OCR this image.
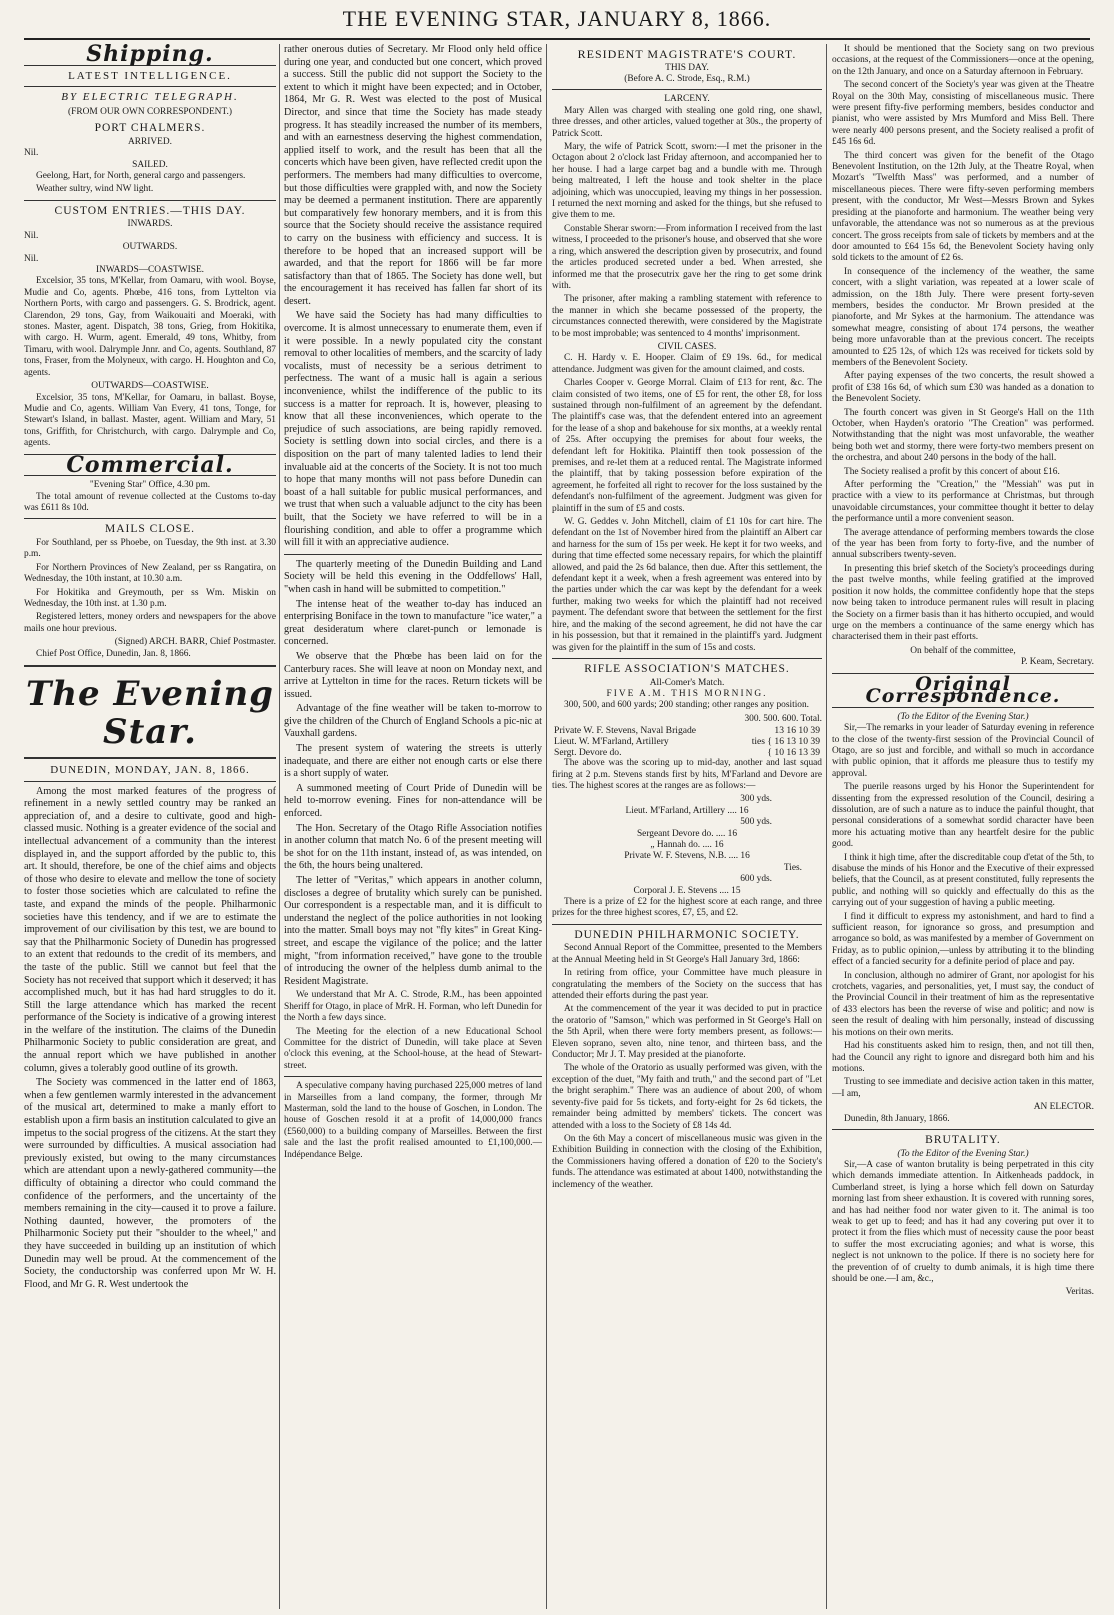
THE EVENING STAR, JANUARY 8, 1866.
Shipping.
LATEST INTELLIGENCE.
BY ELECTRIC TELEGRAPH.
(FROM OUR OWN CORRESPONDENT.)
PORT CHALMERS.
ARRIVED.
Nil.
SAILED.

Geelong, Hart, for North, general cargo and passengers.

Weather sultry, wind NW light.

CUSTOM ENTRIES.—THIS DAY.
INWARDS.
Nil.
OUTWARDS.
Nil.
INWARDS—COASTWISE.

Excelsior, 35 tons, M'Kellar, from Oamaru, with wool. Boyse, Mudie and Co, agents. Phœbe, 416 tons, from Lyttelton via Northern Ports, with cargo and passengers. G. S. Brodrick, agent. Clarendon, 29 tons, Gay, from Waikouaiti and Moeraki, with stones. Master, agent. Dispatch, 38 tons, Grieg, from Hokitika, with cargo. H. Wurm, agent. Emerald, 49 tons, Whitby, from Timaru, with wool. Dalrymple Jnnr. and Co, agents. Southland, 87 tons, Fraser, from the Molyneux, with cargo. H. Houghton and Co, agents.

OUTWARDS—COASTWISE.

Excelsior, 35 tons, M'Kellar, for Oamaru, in ballast. Boyse, Mudie and Co, agents. William Van Every, 41 tons, Tonge, for Stewart's Island, in ballast. Master, agent. William and Mary, 51 tons, Griffith, for Christchurch, with cargo. Dalrymple and Co, agents.

Commercial.
"Evening Star" Office, 4.30 pm.

The total amount of revenue collected at the Customs to-day was £611 8s 10d.

MAILS CLOSE.

For Southland, per ss Phoebe, on Tuesday, the 9th inst. at 3.30 p.m.

For Northern Provinces of New Zealand, per ss Rangatira, on Wednesday, the 10th instant, at 10.30 a.m.

For Hokitika and Greymouth, per ss Wm. Miskin on Wednesday, the 10th inst. at 1.30 p.m.

Registered letters, money orders and newspapers for the above mails one hour previous.

(Signed) ARCH. BARR, Chief Postmaster.

Chief Post Office, Dunedin, Jan. 8, 1866.

The Evening Star.
DUNEDIN, MONDAY, JAN. 8, 1866.

Among the most marked features of the progress of refinement in a newly settled country may be ranked an appreciation of, and a desire to cultivate, good and high-classed music. Nothing is a greater evidence of the social and intellectual advancement of a community than the interest displayed in, and the support afforded by the public to, this art. It should, therefore, be one of the chief aims and objects of those who desire to elevate and mellow the tone of society to foster those societies which are calculated to refine the taste, and expand the minds of the people. Philharmonic societies have this tendency, and if we are to estimate the improvement of our civilisation by this test, we are bound to say that the Philharmonic Society of Dunedin has progressed to an extent that redounds to the credit of its members, and the taste of the public. Still we cannot but feel that the Society has not received that support which it deserved; it has accomplished much, but it has had hard struggles to do it. Still the large attendance which has marked the recent performance of the Society is indicative of a growing interest in the welfare of the institution. The claims of the Dunedin Philharmonic Society to public consideration are great, and the annual report which we have published in another column, gives a tolerably good outline of its growth.

The Society was commenced in the latter end of 1863, when a few gentlemen warmly interested in the advancement of the musical art, determined to make a manly effort to establish upon a firm basis an institution calculated to give an impetus to the social progress of the citizens. At the start they were surrounded by difficulties. A musical association had previously existed, but owing to the many circumstances which are attendant upon a newly-gathered community—the difficulty of obtaining a director who could command the confidence of the performers, and the uncertainty of the members remaining in the city—caused it to prove a failure. Nothing daunted, however, the promoters of the Philharmonic Society put their "shoulder to the wheel," and they have succeeded in building up an institution of which Dunedin may well be proud. At the commencement of the Society, the conductorship was conferred upon Mr W. H. Flood, and Mr G. R. West undertook the

rather onerous duties of Secretary. Mr Flood only held office during one year, and conducted but one concert, which proved a success. Still the public did not support the Society to the extent to which it might have been expected; and in October, 1864, Mr G. R. West was elected to the post of Musical Director, and since that time the Society has made steady progress. It has steadily increased the number of its members, and with an earnestness deserving the highest commendation, applied itself to work, and the result has been that all the concerts which have been given, have reflected credit upon the performers. The members had many difficulties to overcome, but those difficulties were grappled with, and now the Society may be deemed a permanent institution. There are apparently but comparatively few honorary members, and it is from this source that the Society should receive the assistance required to carry on the business with efficiency and success. It is therefore to be hoped that an increased support will be awarded, and that the report for 1866 will be far more satisfactory than that of 1865. The Society has done well, but the encouragement it has received has fallen far short of its desert.

We have said the Society has had many difficulties to overcome. It is almost unnecessary to enumerate them, even if it were possible. In a newly populated city the constant removal to other localities of members, and the scarcity of lady vocalists, must of necessity be a serious detriment to perfectness. The want of a music hall is again a serious inconvenience, whilst the indifference of the public to its success is a matter for reproach. It is, however, pleasing to know that all these inconveniences, which operate to the prejudice of such associations, are being rapidly removed. Society is settling down into social circles, and there is a disposition on the part of many talented ladies to lend their invaluable aid at the concerts of the Society. It is not too much to hope that many months will not pass before Dunedin can boast of a hall suitable for public musical performances, and we trust that when such a valuable adjunct to the city has been built, that the Society we have referred to will be in a flourishing condition, and able to offer a programme which will fill it with an appreciative audience.

The quarterly meeting of the Dunedin Building and Land Society will be held this evening in the Oddfellows' Hall, "when cash in hand will be submitted to competition."

The intense heat of the weather to-day has induced an enterprising Boniface in the town to manufacture "ice water," a great desideratum where claret-punch or lemonade is concerned.

We observe that the Phœbe has been laid on for the Canterbury races. She will leave at noon on Monday next, and arrive at Lyttelton in time for the races. Return tickets will be issued.

Advantage of the fine weather will be taken to-morrow to give the children of the Church of England Schools a pic-nic at Vauxhall gardens.

The present system of watering the streets is utterly inadequate, and there are either not enough carts or else there is a short supply of water.

A summoned meeting of Court Pride of Dunedin will be held to-morrow evening. Fines for non-attendance will be enforced.

The Hon. Secretary of the Otago Rifle Association notifies in another column that match No. 6 of the present meeting will be shot for on the 11th instant, instead of, as was intended, on the 6th, the hours being unaltered.

The letter of "Veritas," which appears in another column, discloses a degree of brutality which surely can be punished. Our correspondent is a respectable man, and it is difficult to understand the neglect of the police authorities in not looking into the matter. Small boys may not "fly kites" in Great King-street, and escape the vigilance of the police; and the latter might, "from information received," have gone to the trouble of introducing the owner of the helpless dumb animal to the Resident Magistrate.

We understand that Mr A. C. Strode, R.M., has been appointed Sheriff for Otago, in place of MrR. H. Forman, who left Dunedin for the North a few days since.

The Meeting for the election of a new Educational School Committee for the district of Dunedin, will take place at Seven o'clock this evening, at the School-house, at the head of Stewart-street.

A speculative company having purchased 225,000 metres of land in Marseilles from a land company, the former, through Mr Masterman, sold the land to the house of Goschen, in London. The house of Goschen resold it at a profit of 14,000,000 francs (£560,000) to a building company of Marseilles. Between the first sale and the last the profit realised amounted to £1,100,000.—Indépendance Belge.

RESIDENT MAGISTRATE'S COURT.
THIS DAY.
(Before A. C. Strode, Esq., R.M.)
LARCENY.

Mary Allen was charged with stealing one gold ring, one shawl, three dresses, and other articles, valued together at 30s., the property of Patrick Scott.

Mary, the wife of Patrick Scott, sworn:—I met the prisoner in the Octagon about 2 o'clock last Friday afternoon, and accompanied her to her house. I had a large carpet bag and a bundle with me. Through being maltreated, I left the house and took shelter in the place adjoining, which was unoccupied, leaving my things in her possession. I returned the next morning and asked for the things, but she refused to give them to me.

Constable Sherar sworn:—From information I received from the last witness, I proceeded to the prisoner's house, and observed that she wore a ring, which answered the description given by prosecutrix, and found the articles produced secreted under a bed. When arrested, she informed me that the prosecutrix gave her the ring to get some drink with.

The prisoner, after making a rambling statement with reference to the manner in which she became possessed of the property, the circumstances connected therewith, were considered by the Magistrate to be most improbable; was sentenced to 4 months' imprisonment.

CIVIL CASES.

C. H. Hardy v. E. Hooper. Claim of £9 19s. 6d., for medical attendance. Judgment was given for the amount claimed, and costs.

Charles Cooper v. George Morral. Claim of £13 for rent, &c. The claim consisted of two items, one of £5 for rent, the other £8, for loss sustained through non-fulfilment of an agreement by the defendant. The plaintiff's case was, that the defendent entered into an agreement for the lease of a shop and bakehouse for six months, at a weekly rental of 25s. After occupying the premises for about four weeks, the defendant left for Hokitika. Plaintiff then took possession of the premises, and re-let them at a reduced rental. The Magistrate informed the plaintiff, that by taking possession before expiration of the agreement, he forfeited all right to recover for the loss sustained by the defendant's non-fulfilment of the agreement. Judgment was given for plaintiff in the sum of £5 and costs.

W. G. Geddes v. John Mitchell, claim of £1 10s for cart hire. The defendant on the 1st of November hired from the plaintiff an Albert car and harness for the sum of 15s per week. He kept it for two weeks, and during that time effected some necessary repairs, for which the plaintiff allowed, and paid the 2s 6d balance, then due. After this settlement, the defendant kept it a week, when a fresh agreement was entered into by the parties under which the car was kept by the defendant for a week further, making two weeks for which the plaintiff had not received payment. The defendant swore that between the settlement for the first hire, and the making of the second agreement, he did not have the car in his possession, but that it remained in the plaintiff's yard. Judgment was given for the plaintiff in the sum of 15s and costs.

RIFLE ASSOCIATION'S MATCHES.
All-Comer's Match.
FIVE A.M. THIS MORNING.

300, 500, and 600 yards; 200 standing; other ranges any position.

300. 500. 600. Total.
Private W. F. Stevens, Naval Brigade	13 16 10 39
Lieut. W. M'Farland, Artillery	ties { 16 13 10 39
Sergt. Devore do.	{ 10 16 13 39

The above was the scoring up to mid-day, another and last squad firing at 2 p.m. Stevens stands first by hits, M'Farland and Devore are ties. The highest scores at the ranges are as follows:—

300 yds.
Lieut. M'Farland, Artillery .... 16
500 yds.
Sergeant Devore do. .... 16
„ Hannah do. .... 16
Private W. F. Stevens, N.B. .... 16
Ties.
600 yds.
Corporal J. E. Stevens .... 15

There is a prize of £2 for the highest score at each range, and three prizes for the three highest scores, £7, £5, and £2.

DUNEDIN PHILHARMONIC SOCIETY.

Second Annual Report of the Committee, presented to the Members at the Annual Meeting held in St George's Hall January 3rd, 1866:

In retiring from office, your Committee have much pleasure in congratulating the members of the Society on the success that has attended their efforts during the past year.

At the commencement of the year it was decided to put in practice the oratorio of "Samson," which was performed in St George's Hall on the 5th April, when there were forty members present, as follows:—Eleven soprano, seven alto, nine tenor, and thirteen bass, and the Conductor; Mr J. T. May presided at the pianoforte.

The whole of the Oratorio as usually performed was given, with the exception of the duet, "My faith and truth," and the second part of "Let the bright seraphim." There was an audience of about 200, of whom seventy-five paid for 5s tickets, and forty-eight for 2s 6d tickets, the remainder being admitted by members' tickets. The concert was attended with a loss to the Society of £8 14s 4d.

On the 6th May a concert of miscellaneous music was given in the Exhibition Building in connection with the closing of the Exhibition, the Commissioners having offered a donation of £20 to the Society's funds. The attendance was estimated at about 1400, notwithstanding the inclemency of the weather.

It should be mentioned that the Society sang on two previous occasions, at the request of the Commissioners—once at the opening, on the 12th January, and once on a Saturday afternoon in February.

The second concert of the Society's year was given at the Theatre Royal on the 30th May, consisting of miscellaneous music. There were present fifty-five performing members, besides conductor and pianist, who were assisted by Mrs Mumford and Miss Bell. There were nearly 400 persons present, and the Society realised a profit of £45 16s 6d.

The third concert was given for the benefit of the Otago Benevolent Institution, on the 12th July, at the Theatre Royal, when Mozart's "Twelfth Mass" was performed, and a number of miscellaneous pieces. There were fifty-seven performing members present, with the conductor, Mr West—Messrs Brown and Sykes presiding at the pianoforte and harmonium. The weather being very unfavorable, the attendance was not so numerous as at the previous concert. The gross receipts from sale of tickets by members and at the door amounted to £64 15s 6d, the Benevolent Society having only sold tickets to the amount of £2 6s.

In consequence of the inclemency of the weather, the same concert, with a slight variation, was repeated at a lower scale of admission, on the 18th July. There were present forty-seven members, besides the conductor. Mr Brown presided at the pianoforte, and Mr Sykes at the harmonium. The attendance was somewhat meagre, consisting of about 174 persons, the weather being more unfavorable than at the previous concert. The receipts amounted to £25 12s, of which 12s was received for tickets sold by members of the Benevolent Society.

After paying expenses of the two concerts, the result showed a profit of £38 16s 6d, of which sum £30 was handed as a donation to the Benevolent Society.

The fourth concert was given in St George's Hall on the 11th October, when Hayden's oratorio "The Creation" was performed. Notwithstanding that the night was most unfavorable, the weather being both wet and stormy, there were forty-two members present on the orchestra, and about 240 persons in the body of the hall.

The Society realised a profit by this concert of about £16.

After performing the "Creation," the "Messiah" was put in practice with a view to its performance at Christmas, but through unavoidable circumstances, your committee thought it better to delay the performance until a more convenient season.

The average attendance of performing members towards the close of the year has been from forty to forty-five, and the number of annual subscribers twenty-seven.

In presenting this brief sketch of the Society's proceedings during the past twelve months, while feeling gratified at the improved position it now holds, the committee confidently hope that the steps now being taken to introduce permanent rules will result in placing the Society on a firmer basis than it has hitherto occupied, and would urge on the members a continuance of the same energy which has characterised them in their past efforts.

On behalf of the committee,
P. Keam, Secretary.
Original Correspondence.
(To the Editor of the Evening Star.)

Sir,—The remarks in your leader of Saturday evening in reference to the close of the twenty-first session of the Provincial Council of Otago, are so just and forcible, and withall so much in accordance with public opinion, that it affords me pleasure thus to testify my approval.

The puerile reasons urged by his Honor the Superintendent for dissenting from the expressed resolution of the Council, desiring a dissolution, are of such a nature as to induce the painful thought, that personal considerations of a somewhat sordid character have been more his actuating motive than any heartfelt desire for the public good.

I think it high time, after the discreditable coup d'etat of the 5th, to disabuse the minds of his Honor and the Executive of their expressed beliefs, that the Council, as at present constituted, fully represents the public, and nothing will so quickly and effectually do this as the carrying out of your suggestion of having a public meeting.

I find it difficult to express my astonishment, and hard to find a sufficient reason, for ignorance so gross, and presumption and arrogance so bold, as was manifested by a member of Government on Friday, as to public opinion,—unless by attributing it to the blinding effect of a fancied security for a definite period of place and pay.

In conclusion, although no admirer of Grant, nor apologist for his crotchets, vagaries, and personalities, yet, I must say, the conduct of the Provincial Council in their treatment of him as the representative of 433 electors has been the reverse of wise and politic; and now is seen the result of dealing with him personally, instead of discussing his motions on their own merits.

Had his constituents asked him to resign, then, and not till then, had the Council any right to ignore and disregard both him and his motions.

Trusting to see immediate and decisive action taken in this matter,—I am,

AN ELECTOR.

Dunedin, 8th January, 1866.

BRUTALITY.
(To the Editor of the Evening Star.)

Sir,—A case of wanton brutality is being perpetrated in this city which demands immediate attention. In Aitkenheads paddock, in Cumberland street, is lying a horse which fell down on Saturday morning last from sheer exhaustion. It is covered with running sores, and has had neither food nor water given to it. The animal is too weak to get up to feed; and has it had any covering put over it to protect it from the flies which must of necessity cause the poor beast to suffer the most excruciating agonies; and what is worse, this neglect is not unknown to the police. If there is no society here for the prevention of of cruelty to dumb animals, it is high time there should be one.—I am, &c.,

Veritas.
